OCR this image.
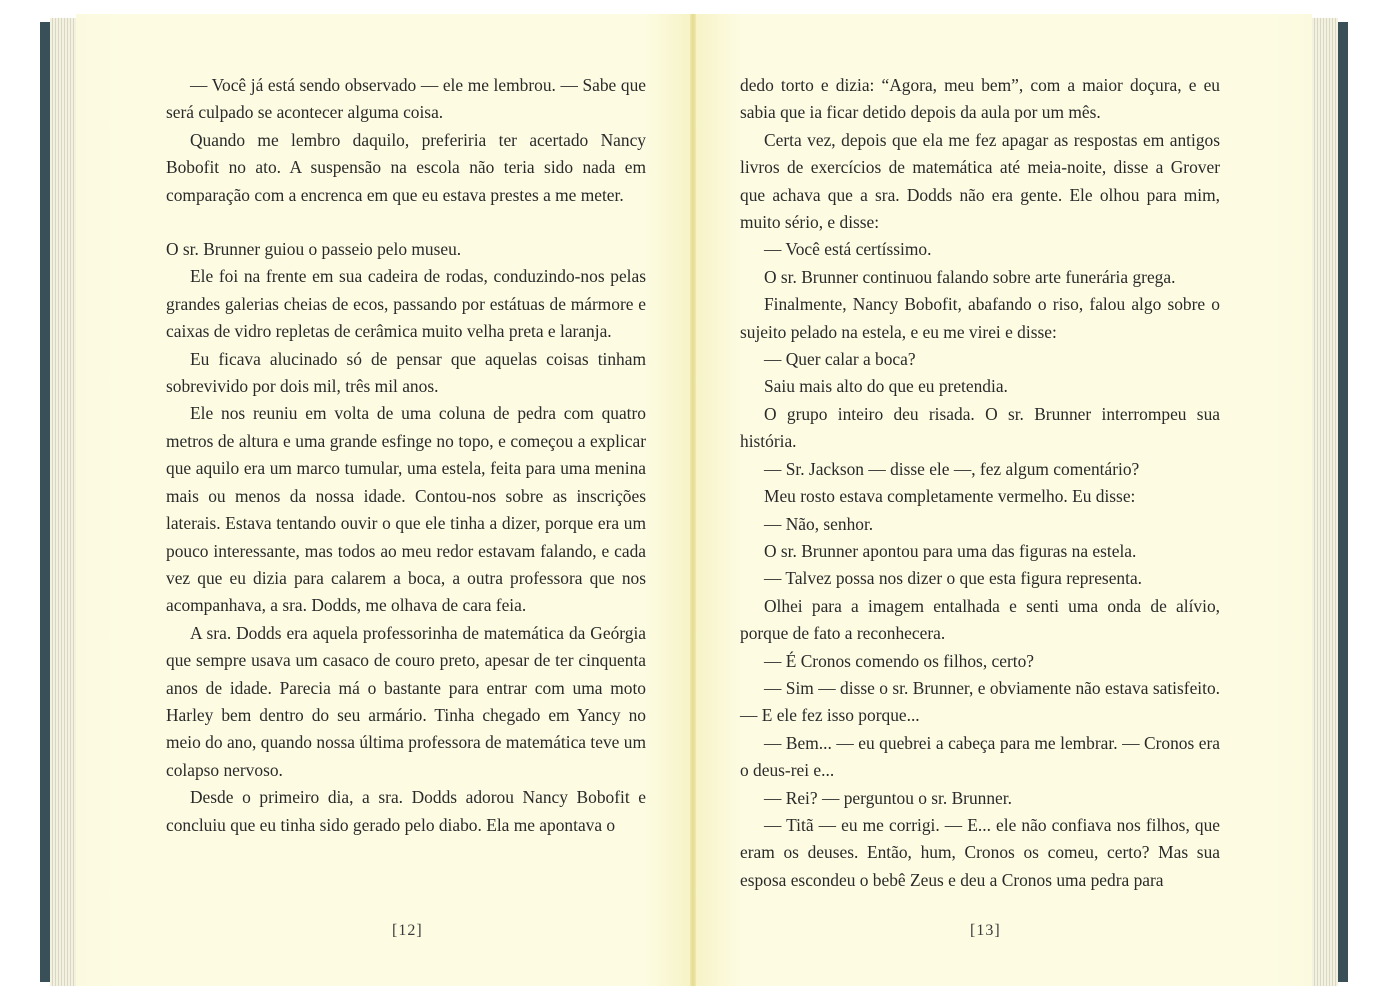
— Você já está sendo observado — ele me lembrou. — Sabe que será culpado se acontecer alguma coisa.

Quando me lembro daquilo, preferiria ter acertado Nancy Bobofit no ato. A suspensão na escola não teria sido nada em comparação com a encrenca em que eu estava prestes a me meter.

O sr. Brunner guiou o passeio pelo museu.

Ele foi na frente em sua cadeira de rodas, conduzindo-nos pelas grandes galerias cheias de ecos, passando por estátuas de mármore e caixas de vidro repletas de cerâmica muito velha preta e laranja.

Eu ficava alucinado só de pensar que aquelas coisas tinham sobrevivido por dois mil, três mil anos.

Ele nos reuniu em volta de uma coluna de pedra com quatro metros de altura e uma grande esfinge no topo, e começou a explicar que aquilo era um marco tumular, uma estela, feita para uma menina mais ou menos da nossa idade. Contou-nos sobre as inscrições laterais. Estava tentando ouvir o que ele tinha a dizer, porque era um pouco interessante, mas todos ao meu redor estavam falando, e cada vez que eu dizia para calarem a boca, a outra professora que nos acompanhava, a sra. Dodds, me olhava de cara feia.

A sra. Dodds era aquela professorinha de matemática da Geórgia que sempre usava um casaco de couro preto, apesar de ter cinquenta anos de idade. Parecia má o bastante para entrar com uma moto Harley bem dentro do seu armário. Tinha chegado em Yancy no meio do ano, quando nossa última professora de matemática teve um colapso nervoso.

Desde o primeiro dia, a sra. Dodds adorou Nancy Bobofit e concluiu que eu tinha sido gerado pelo diabo. Ela me apontava o

dedo torto e dizia: “Agora, meu bem”, com a maior doçura, e eu sabia que ia ficar detido depois da aula por um mês.

Certa vez, depois que ela me fez apagar as respostas em antigos livros de exercícios de matemática até meia-noite, disse a Grover que achava que a sra. Dodds não era gente. Ele olhou para mim, muito sério, e disse:

— Você está certíssimo.

O sr. Brunner continuou falando sobre arte funerária grega.

Finalmente, Nancy Bobofit, abafando o riso, falou algo sobre o sujeito pelado na estela, e eu me virei e disse:

— Quer calar a boca?

Saiu mais alto do que eu pretendia.

O grupo inteiro deu risada. O sr. Brunner interrompeu sua história.

— Sr. Jackson — disse ele —, fez algum comentário?

Meu rosto estava completamente vermelho. Eu disse:

— Não, senhor.

O sr. Brunner apontou para uma das figuras na estela.

— Talvez possa nos dizer o que esta figura representa.

Olhei para a imagem entalhada e senti uma onda de alívio, porque de fato a reconhecera.

— É Cronos comendo os filhos, certo?

— Sim — disse o sr. Brunner, e obviamente não estava satisfeito. — E ele fez isso porque...

— Bem... — eu quebrei a cabeça para me lembrar. — Cronos era o deus-rei e...

— Rei? — perguntou o sr. Brunner.

— Titã — eu me corrigi. — E... ele não confiava nos filhos, que eram os deuses. Então, hum, Cronos os comeu, certo? Mas sua esposa escondeu o bebê Zeus e deu a Cronos uma pedra para

[12]	[13]
